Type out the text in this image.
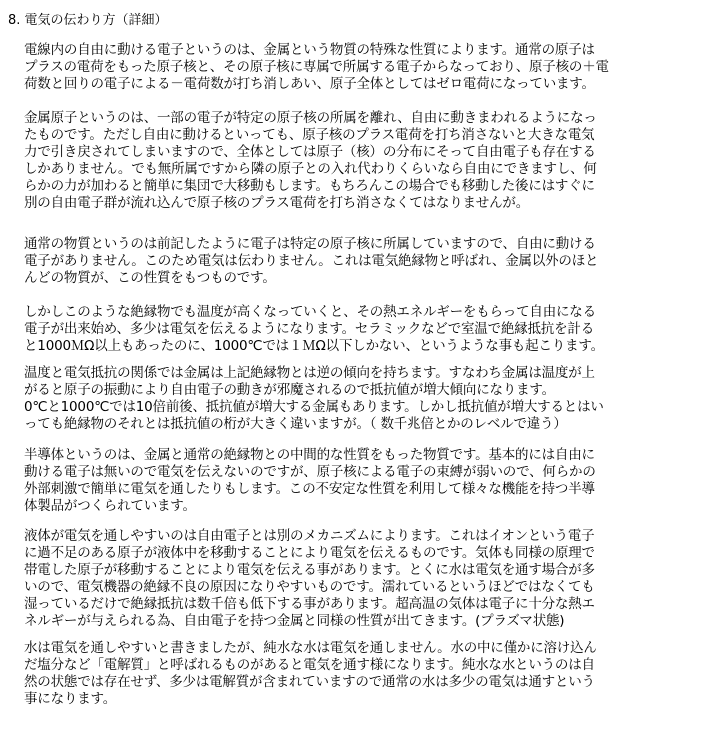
8. 電気の伝わり方（詳細）
電線内の自由に動ける電子というのは、金属という物質の特殊な性質によります。通常の原子は
プラスの電荷をもった原子核と、その原子核に専属で所属する電子からなっており、原子核の＋電
荷数と回りの電子による－電荷数が打ち消しあい、原子全体としてはゼロ電荷になっています。
金属原子というのは、一部の電子が特定の原子核の所属を離れ、自由に動きまわれるようになっ
たものです。ただし自由に動けるといっても、原子核のプラス電荷を打ち消さないと大きな電気
力で引き戻されてしまいますので、全体としては原子（核）の分布にそって自由電子も存在する
しかありません。でも無所属ですから隣の原子との入れ代わりくらいなら自由にできますし、何
らかの力が加わると簡単に集団で大移動もします。もちろんこの場合でも移動した後にはすぐに
別の自由電子群が流れ込んで原子核のプラス電荷を打ち消さなくてはなりませんが。
通常の物質というのは前記したように電子は特定の原子核に所属していますので、自由に動ける
電子がありません。このため電気は伝わりません。これは電気絶縁物と呼ばれ、金属以外のほと
んどの物質が、この性質をもつものです。
しかしこのような絶縁物でも温度が高くなっていくと、その熱エネルギーをもらって自由になる
電子が出来始め、多少は電気を伝えるようになります。セラミックなどで室温で絶縁抵抗を計る
と1000ＭΩ以上もあったのに、1000℃では１ＭΩ以下しかない、というような事も起こります。
温度と電気抵抗の関係では金属は上記絶縁物とは逆の傾向を持ちます。すなわち金属は温度が上
がると原子の振動により自由電子の動きが邪魔されるので抵抗値が増大傾向になります。
0℃と1000℃では10倍前後、抵抗値が増大する金属もあります。しかし抵抗値が増大するとはい
っても絶縁物のそれとは抵抗値の桁が大きく違いますが。（ 数千兆倍とかのレベルで違う）
半導体というのは、金属と通常の絶縁物との中間的な性質をもった物質です。基本的には自由に
動ける電子は無いので電気を伝えないのですが、原子核による電子の束縛が弱いので、何らかの
外部刺激で簡単に電気を通したりもします。この不安定な性質を利用して様々な機能を持つ半導
体製品がつくられています。
液体が電気を通しやすいのは自由電子とは別のメカニズムによります。これはイオンという電子
に過不足のある原子が液体中を移動することにより電気を伝えるものです。気体も同様の原理で
帯電した原子が移動することにより電気を伝える事があります。とくに水は電気を通す場合が多
いので、電気機器の絶縁不良の原因になりやすいものです。濡れているというほどではなくても
湿っているだけで絶縁抵抗は数千倍も低下する事があります。超高温の気体は電子に十分な熱エ
ネルギーが与えられる為、自由電子を持つ金属と同様の性質が出てきます。(プラズマ状態)
水は電気を通しやすいと書きましたが、純水な水は電気を通しません。水の中に僅かに溶け込ん
だ塩分など「電解質」と呼ばれるものがあると電気を通す様になります。純水な水というのは自
然の状態では存在せず、多少は電解質が含まれていますので通常の水は多少の電気は通すという
事になります。
